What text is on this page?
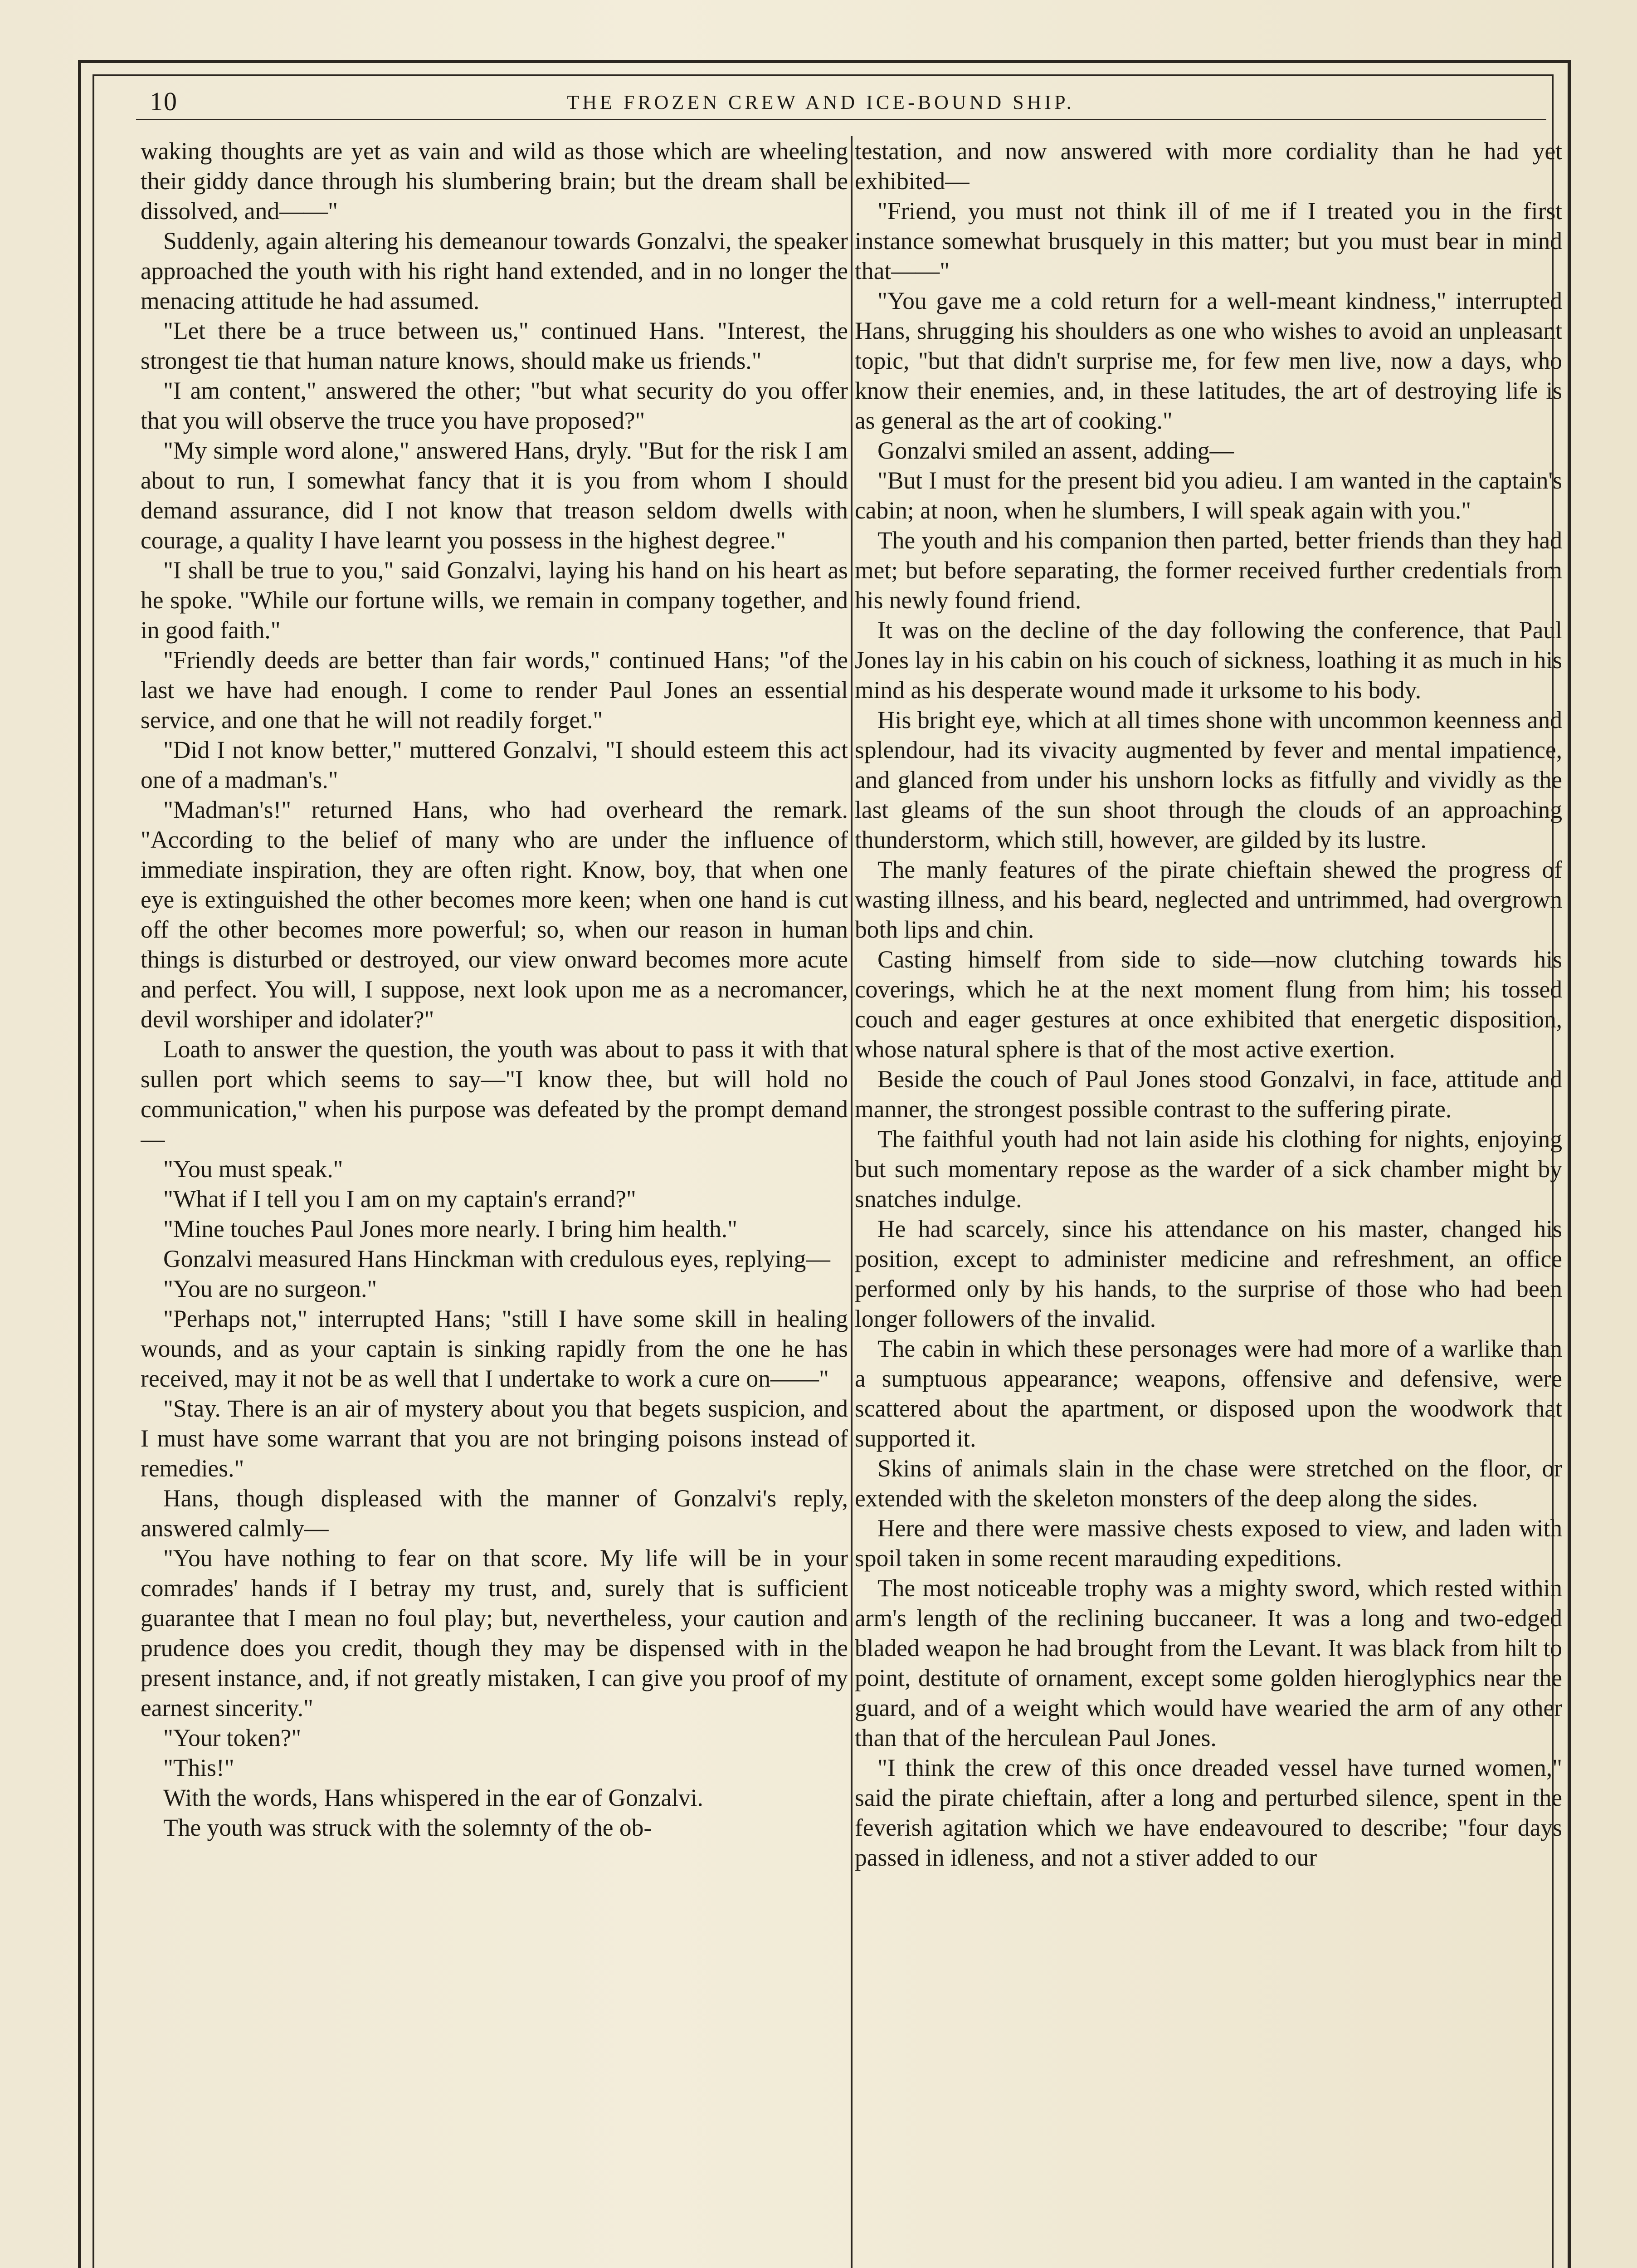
10	THE FROZEN CREW AND ICE-BOUND SHIP.

waking thoughts are yet as vain and wild as those which are wheeling their giddy dance through his slumbering brain; but the dream shall be dissolved, and——"

Suddenly, again altering his demeanour towards Gonzalvi, the speaker approached the youth with his right hand extended, and in no longer the menacing attitude he had assumed.

"Let there be a truce between us," continued Hans. "Interest, the strongest tie that human nature knows, should make us friends."

"I am content," answered the other; "but what security do you offer that you will observe the truce you have proposed?"

"My simple word alone," answered Hans, dryly. "But for the risk I am about to run, I somewhat fancy that it is you from whom I should demand assurance, did I not know that treason seldom dwells with courage, a quality I have learnt you possess in the highest degree."

"I shall be true to you," said Gonzalvi, laying his hand on his heart as he spoke. "While our fortune wills, we remain in company together, and in good faith."

"Friendly deeds are better than fair words," continued Hans; "of the last we have had enough. I come to render Paul Jones an essential service, and one that he will not readily forget."

"Did I not know better," muttered Gonzalvi, "I should esteem this act one of a madman's."

"Madman's!" returned Hans, who had overheard the remark. "According to the belief of many who are under the influence of immediate inspiration, they are often right. Know, boy, that when one eye is extinguished the other becomes more keen; when one hand is cut off the other becomes more powerful; so, when our reason in human things is disturbed or destroyed, our view onward becomes more acute and perfect. You will, I suppose, next look upon me as a necromancer, devil worshiper and idolater?"

Loath to answer the question, the youth was about to pass it with that sullen port which seems to say—"I know thee, but will hold no communication," when his purpose was defeated by the prompt demand—

"You must speak."

"What if I tell you I am on my captain's errand?"

"Mine touches Paul Jones more nearly. I bring him health."

Gonzalvi measured Hans Hinckman with credulous eyes, replying—

"You are no surgeon."

"Perhaps not," interrupted Hans; "still I have some skill in healing wounds, and as your captain is sinking rapidly from the one he has received, may it not be as well that I undertake to work a cure on——"

"Stay. There is an air of mystery about you that begets suspicion, and I must have some warrant that you are not bringing poisons instead of remedies."

Hans, though displeased with the manner of Gonzalvi's reply, answered calmly—

"You have nothing to fear on that score. My life will be in your comrades' hands if I betray my trust, and, surely that is sufficient guarantee that I mean no foul play; but, nevertheless, your caution and prudence does you credit, though they may be dispensed with in the present instance, and, if not greatly mistaken, I can give you proof of my earnest sincerity."

"Your token?"

"This!"

With the words, Hans whispered in the ear of Gonzalvi.

The youth was struck with the solemnty of the ob-

testation, and now answered with more cordiality than he had yet exhibited—

"Friend, you must not think ill of me if I treated you in the first instance somewhat brusquely in this matter; but you must bear in mind that——"

"You gave me a cold return for a well-meant kindness," interrupted Hans, shrugging his shoulders as one who wishes to avoid an unpleasant topic, "but that didn't surprise me, for few men live, now a days, who know their enemies, and, in these latitudes, the art of destroying life is as general as the art of cooking."

Gonzalvi smiled an assent, adding—

"But I must for the present bid you adieu. I am wanted in the captain's cabin; at noon, when he slumbers, I will speak again with you."

The youth and his companion then parted, better friends than they had met; but before separating, the former received further credentials from his newly found friend.

It was on the decline of the day following the conference, that Paul Jones lay in his cabin on his couch of sickness, loathing it as much in his mind as his desperate wound made it urksome to his body.

His bright eye, which at all times shone with uncommon keenness and splendour, had its vivacity augmented by fever and mental impatience, and glanced from under his unshorn locks as fitfully and vividly as the last gleams of the sun shoot through the clouds of an approaching thunderstorm, which still, however, are gilded by its lustre.

The manly features of the pirate chieftain shewed the progress of wasting illness, and his beard, neglected and untrimmed, had overgrown both lips and chin.

Casting himself from side to side—now clutching towards his coverings, which he at the next moment flung from him; his tossed couch and eager gestures at once exhibited that energetic disposition, whose natural sphere is that of the most active exertion.

Beside the couch of Paul Jones stood Gonzalvi, in face, attitude and manner, the strongest possible contrast to the suffering pirate.

The faithful youth had not lain aside his clothing for nights, enjoying but such momentary repose as the warder of a sick chamber might by snatches indulge.

He had scarcely, since his attendance on his master, changed his position, except to administer medicine and refreshment, an office performed only by his hands, to the surprise of those who had been longer followers of the invalid.

The cabin in which these personages were had more of a warlike than a sumptuous appearance; weapons, offensive and defensive, were scattered about the apartment, or disposed upon the woodwork that supported it.

Skins of animals slain in the chase were stretched on the floor, or extended with the skeleton monsters of the deep along the sides.

Here and there were massive chests exposed to view, and laden with spoil taken in some recent marauding expeditions.

The most noticeable trophy was a mighty sword, which rested within arm's length of the reclining buccaneer. It was a long and two-edged bladed weapon he had brought from the Levant. It was black from hilt to point, destitute of ornament, except some golden hieroglyphics near the guard, and of a weight which would have wearied the arm of any other than that of the herculean Paul Jones.

"I think the crew of this once dreaded vessel have turned women," said the pirate chieftain, after a long and perturbed silence, spent in the feverish agitation which we have endeavoured to describe; "four days passed in idleness, and not a stiver added to our
